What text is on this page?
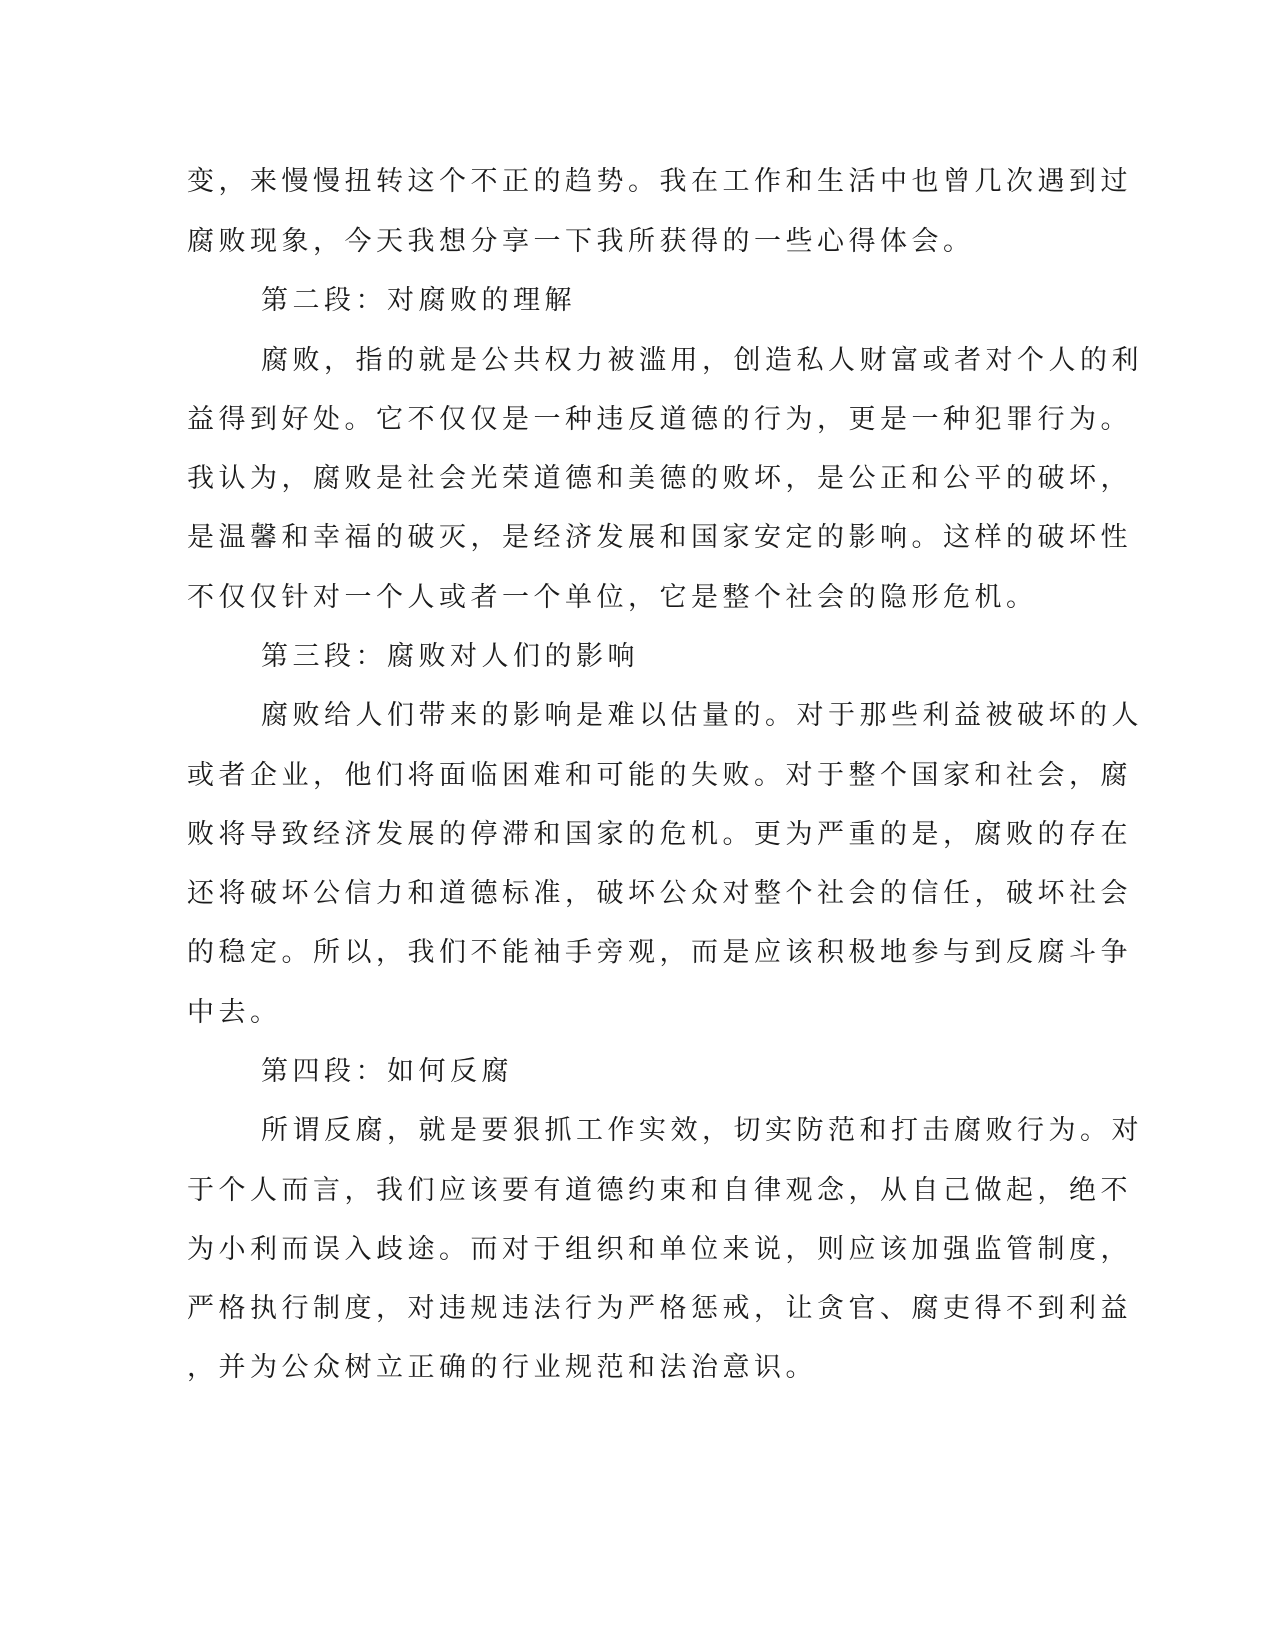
变，来慢慢扭转这个不正的趋势。我在工作和生活中也曾几次遇到过
腐败现象，今天我想分享一下我所获得的一些心得体会。
第二段：对腐败的理解
腐败，指的就是公共权力被滥用，创造私人财富或者对个人的利
益得到好处。它不仅仅是一种违反道德的行为，更是一种犯罪行为。
我认为，腐败是社会光荣道德和美德的败坏，是公正和公平的破坏，
是温馨和幸福的破灭，是经济发展和国家安定的影响。这样的破坏性
不仅仅针对一个人或者一个单位，它是整个社会的隐形危机。
第三段：腐败对人们的影响
腐败给人们带来的影响是难以估量的。对于那些利益被破坏的人
或者企业，他们将面临困难和可能的失败。对于整个国家和社会，腐
败将导致经济发展的停滞和国家的危机。更为严重的是，腐败的存在
还将破坏公信力和道德标准，破坏公众对整个社会的信任，破坏社会
的稳定。所以，我们不能袖手旁观，而是应该积极地参与到反腐斗争
中去。
第四段：如何反腐
所谓反腐，就是要狠抓工作实效，切实防范和打击腐败行为。对
于个人而言，我们应该要有道德约束和自律观念，从自己做起，绝不
为小利而误入歧途。而对于组织和单位来说，则应该加强监管制度，
严格执行制度，对违规违法行为严格惩戒，让贪官、腐吏得不到利益
，并为公众树立正确的行业规范和法治意识。
